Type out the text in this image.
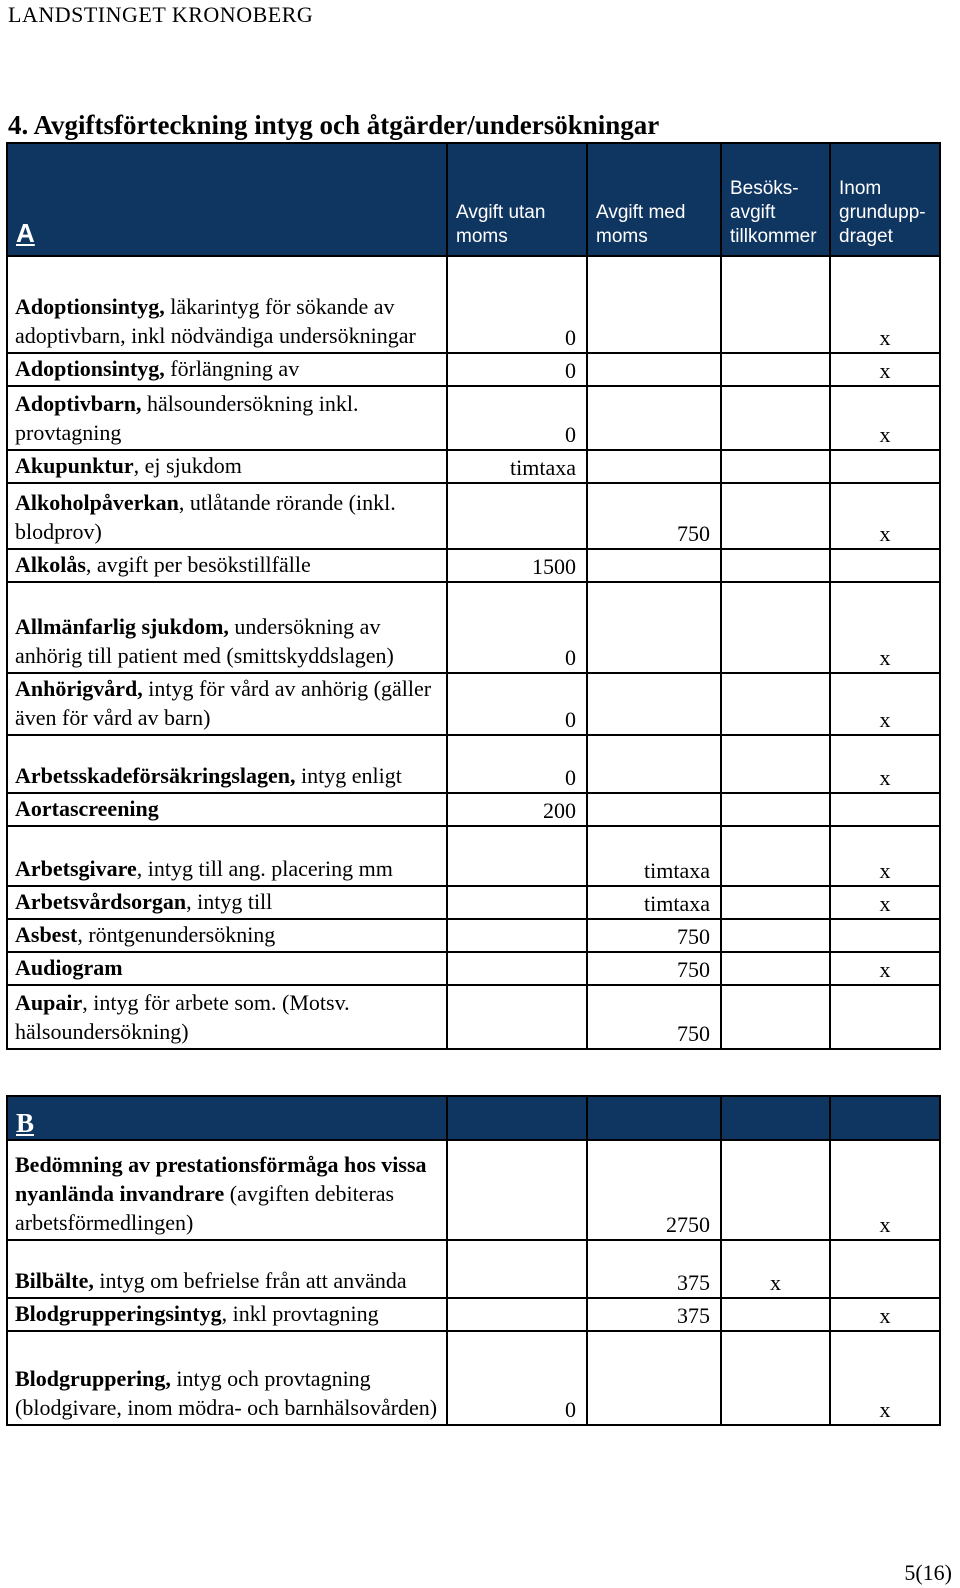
LANDSTINGET KRONOBERG
4. Avgiftsförteckning intyg och åtgärder/undersökningar
A	Avgift utan moms	Avgift med moms	Besöks-avgift tillkommer	Inom grundupp-draget
Adoptionsintyg, läkarintyg för sökande av adoptivbarn, inkl nödvändiga undersökningar	0			x
Adoptionsintyg, förlängning av	0			x
Adoptivbarn, hälsoundersökning inkl. provtagning	0			x
Akupunktur, ej sjukdom	timtaxa			
Alkoholpåverkan, utlåtande rörande (inkl. blodprov)		750		x
Alkolås, avgift per besökstillfälle	1500			
Allmänfarlig sjukdom, undersökning av anhörig till patient med (smittskyddslagen)	0			x
Anhörigvård, intyg för vård av anhörig (gäller även för vård av barn)	0			x
Arbetsskadeförsäkringslagen, intyg enligt	0			x
Aortascreening	200			
Arbetsgivare, intyg till ang. placering mm		timtaxa		x
Arbetsvårdsorgan, intyg till		timtaxa		x
Asbest, röntgenundersökning		750		
Audiogram		750		x
Aupair, intyg för arbete som. (Motsv. hälsoundersökning)		750		
B				
Bedömning av prestationsförmåga hos vissa nyanlända invandrare (avgiften debiteras arbetsförmedlingen)		2750		x
Bilbälte, intyg om befrielse från att använda		375	x	
Blodgrupperingsintyg, inkl provtagning		375		x
Blodgruppering, intyg och provtagning (blodgivare, inom mödra- och barnhälsovården)	0			x
5(16)
